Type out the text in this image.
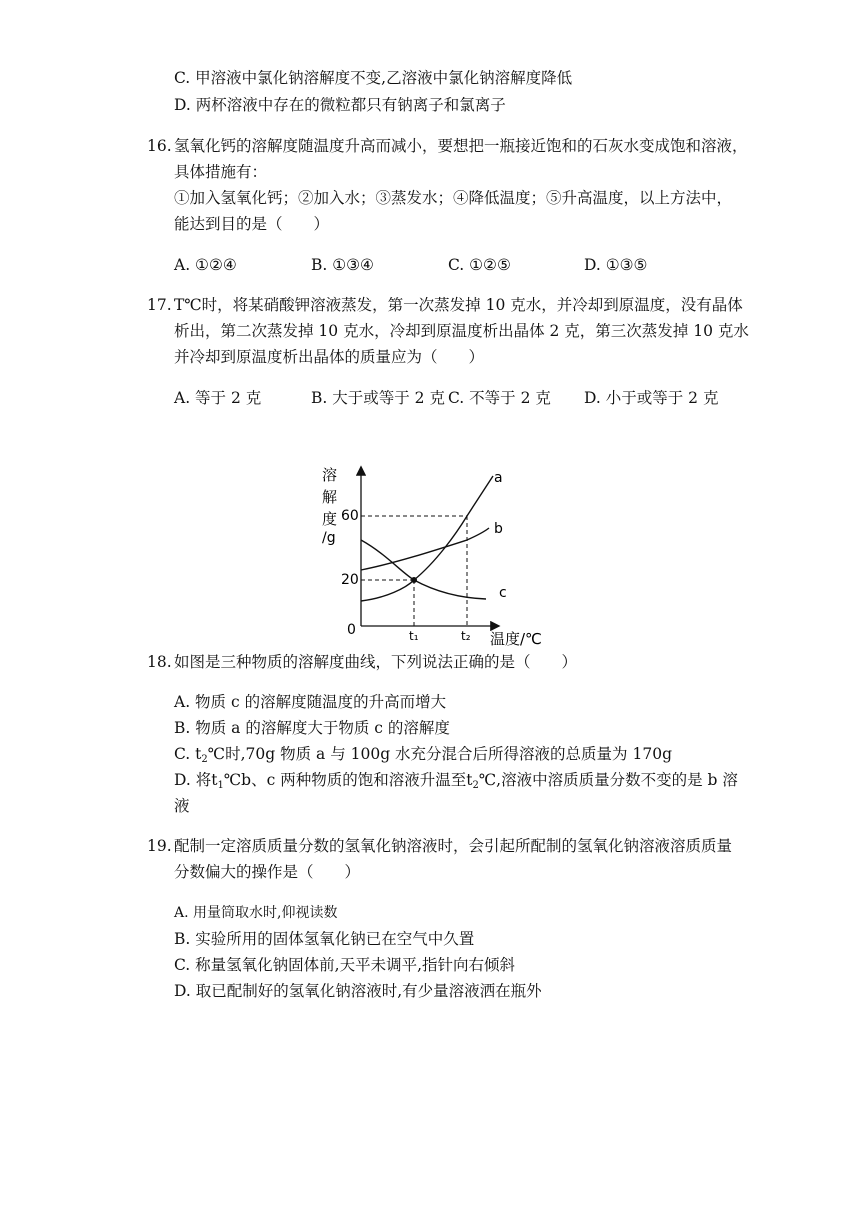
C. 甲溶液中氯化钠溶解度不变,乙溶液中氯化钠溶解度降低
D. 两杯溶液中存在的微粒都只有钠离子和氯离子
16. 氢氧化钙的溶解度随温度升高而减小，要想把一瓶接近饱和的石灰水变成饱和溶液，
具体措施有：
①加入氢氧化钙；②加入水；③蒸发水；④降低温度；⑤升高温度，以上方法中，
能达到目的是（　　）
A. ①②④	B. ①③④	C. ①②⑤	D. ①③⑤
17. T℃时，将某硝酸钾溶液蒸发，第一次蒸发掉 10 克水，并冷却到原温度，没有晶体
析出，第二次蒸发掉 10 克水，冷却到原温度析出晶体 2 克，第三次蒸发掉 10 克水
并冷却到原温度析出晶体的质量应为（　　）
A. 等于 2 克	B. 大于或等于 2 克 C. 不等于 2 克 D. 小于或等于 2 克
溶
解
度
/g
60
20
0	t₁	t₂ 温度/℃
a
b
c
18. 如图是三种物质的溶解度曲线，下列说法正确的是（　　）
A. 物质 c 的溶解度随温度的升高而增大
B. 物质 a 的溶解度大于物质 c 的溶解度
C. $t_2℃$时,70g 物质 a 与 100g 水充分混合后所得溶液的总质量为 170g
D. 将$t_1℃b$、c 两种物质的饱和溶液升温至$t_2℃$,溶液中溶质质量分数不变的是 b 溶
液
19. 配制一定溶质质量分数的氢氧化钠溶液时，会引起所配制的氢氧化钠溶液溶质质量
分数偏大的操作是（　　）
A. 用量筒取水时,仰视读数
B. 实验所用的固体氢氧化钠已在空气中久置
C. 称量氢氧化钠固体前,天平未调平,指针向右倾斜
D. 取已配制好的氢氧化钠溶液时,有少量溶液洒在瓶外
